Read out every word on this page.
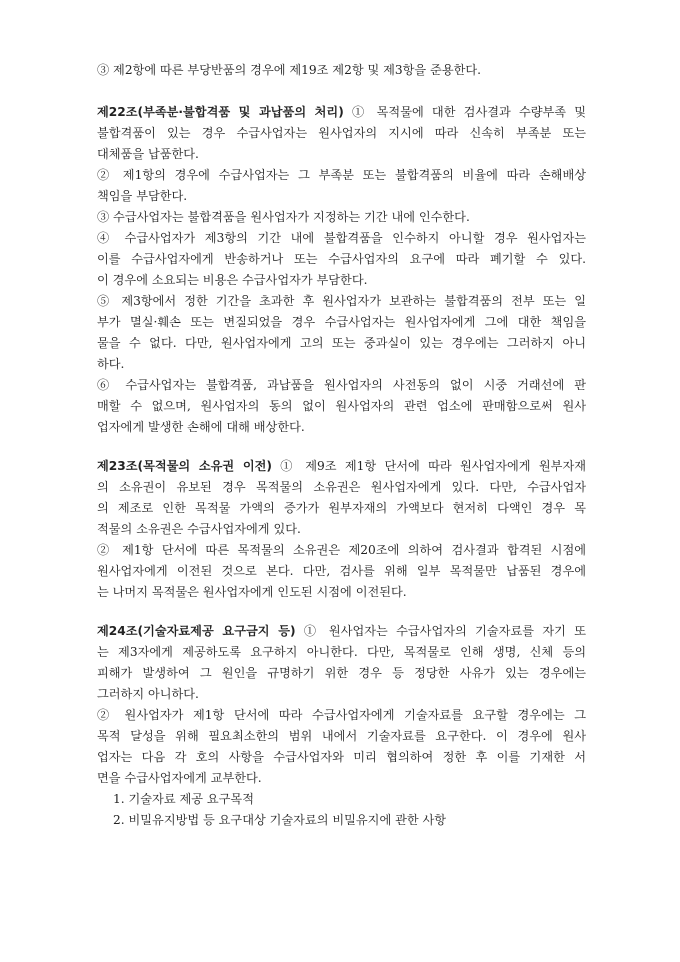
③ 제2항에 따른 부당반품의 경우에 제19조 제2항 및 제3항을 준용한다.
제22조(부족분·불합격품 및 과납품의 처리) ① 목적물에 대한 검사결과 수량부족 및
불합격품이 있는 경우 수급사업자는 원사업자의 지시에 따라 신속히 부족분 또는
대체품을 납품한다.
② 제1항의 경우에 수급사업자는 그 부족분 또는 불합격품의 비율에 따라 손해배상
책임을 부담한다.
③ 수급사업자는 불합격품을 원사업자가 지정하는 기간 내에 인수한다.
④ 수급사업자가 제3항의 기간 내에 불합격품을 인수하지 아니할 경우 원사업자는
이를 수급사업자에게 반송하거나 또는 수급사업자의 요구에 따라 폐기할 수 있다.
이 경우에 소요되는 비용은 수급사업자가 부담한다.
⑤ 제3항에서 정한 기간을 초과한 후 원사업자가 보관하는 불합격품의 전부 또는 일
부가 멸실·훼손 또는 변질되었을 경우 수급사업자는 원사업자에게 그에 대한 책임을
물을 수 없다. 다만, 원사업자에게 고의 또는 중과실이 있는 경우에는 그러하지 아니
하다.
⑥ 수급사업자는 불합격품, 과납품을 원사업자의 사전동의 없이 시중 거래선에 판
매할 수 없으며, 원사업자의 동의 없이 원사업자의 관련 업소에 판매함으로써 원사
업자에게 발생한 손해에 대해 배상한다.
제23조(목적물의 소유권 이전) ① 제9조 제1항 단서에 따라 원사업자에게 원부자재
의 소유권이 유보된 경우 목적물의 소유권은 원사업자에게 있다. 다만, 수급사업자
의 제조로 인한 목적물 가액의 증가가 원부자재의 가액보다 현저히 다액인 경우 목
적물의 소유권은 수급사업자에게 있다.
② 제1항 단서에 따른 목적물의 소유권은 제20조에 의하여 검사결과 합격된 시점에
원사업자에게 이전된 것으로 본다. 다만, 검사를 위해 일부 목적물만 납품된 경우에
는 나머지 목적물은 원사업자에게 인도된 시점에 이전된다.
제24조(기술자료제공 요구금지 등) ① 원사업자는 수급사업자의 기술자료를 자기 또
는 제3자에게 제공하도록 요구하지 아니한다. 다만, 목적물로 인해 생명, 신체 등의
피해가 발생하여 그 원인을 규명하기 위한 경우 등 정당한 사유가 있는 경우에는
그러하지 아니하다.
② 원사업자가 제1항 단서에 따라 수급사업자에게 기술자료를 요구할 경우에는 그
목적 달성을 위해 필요최소한의 범위 내에서 기술자료를 요구한다. 이 경우에 원사
업자는 다음 각 호의 사항을 수급사업자와 미리 협의하여 정한 후 이를 기재한 서
면을 수급사업자에게 교부한다.
1. 기술자료 제공 요구목적
2. 비밀유지방법 등 요구대상 기술자료의 비밀유지에 관한 사항
